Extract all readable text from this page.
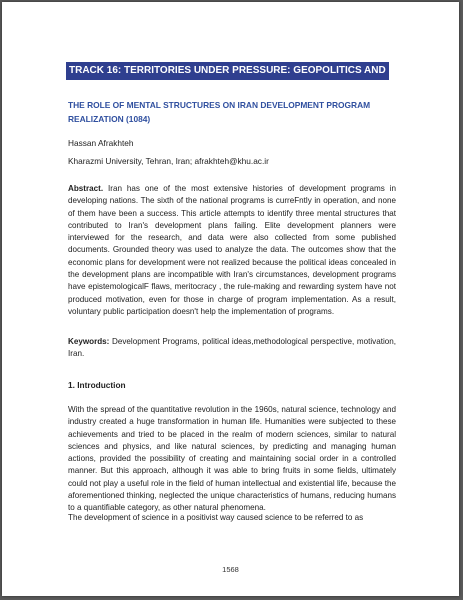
TRACK 16: TERRITORIES UNDER PRESSURE: GEOPOLITICS AND PLANNING
THE ROLE OF MENTAL STRUCTURES ON IRAN DEVELOPMENT PROGRAM REALIZATION (1084)
Hassan Afrakhteh
Kharazmi University, Tehran, Iran; afrakhteh@khu.ac.ir
Abstract. Iran has one of the most extensive histories of development programs in developing nations. The sixth of the national programs is curreFntly in operation, and none of them have been a success. This article attempts to identify three mental structures that contributed to Iran's development plans failing. Elite development planners were interviewed for the research, and data were also collected from some published documents. Grounded theory was used to analyze the data. The outcomes show that the economic plans for development were not realized because the political ideas concealed in the development plans are incompatible with Iran's circumstances, development programs have epistemologicalF flaws, meritocracy , the rule-making and rewarding system have not produced motivation, even for those in charge of program implementation. As a result, voluntary public participation doesn't help the implementation of programs.
Keywords: Development Programs, political ideas,methodological perspective, motivation, Iran.
1. Introduction
With the spread of the quantitative revolution in the 1960s, natural science, technology and industry created a huge transformation in human life. Humanities were subjected to these achievements and tried to be placed in the realm of modern sciences, similar to natural sciences and physics, and like natural sciences, by predicting and managing human actions, provided the possibility of creating and maintaining social order in a controlled manner. But this approach, although it was able to bring fruits in some fields, ultimately could not play a useful role in the field of human intellectual and existential life, because the aforementioned thinking, neglected the unique characteristics of humans, reducing humans to a quantifiable category, as other natural phenomena.
The development of science in a positivist way caused science to be referred to as
1568
